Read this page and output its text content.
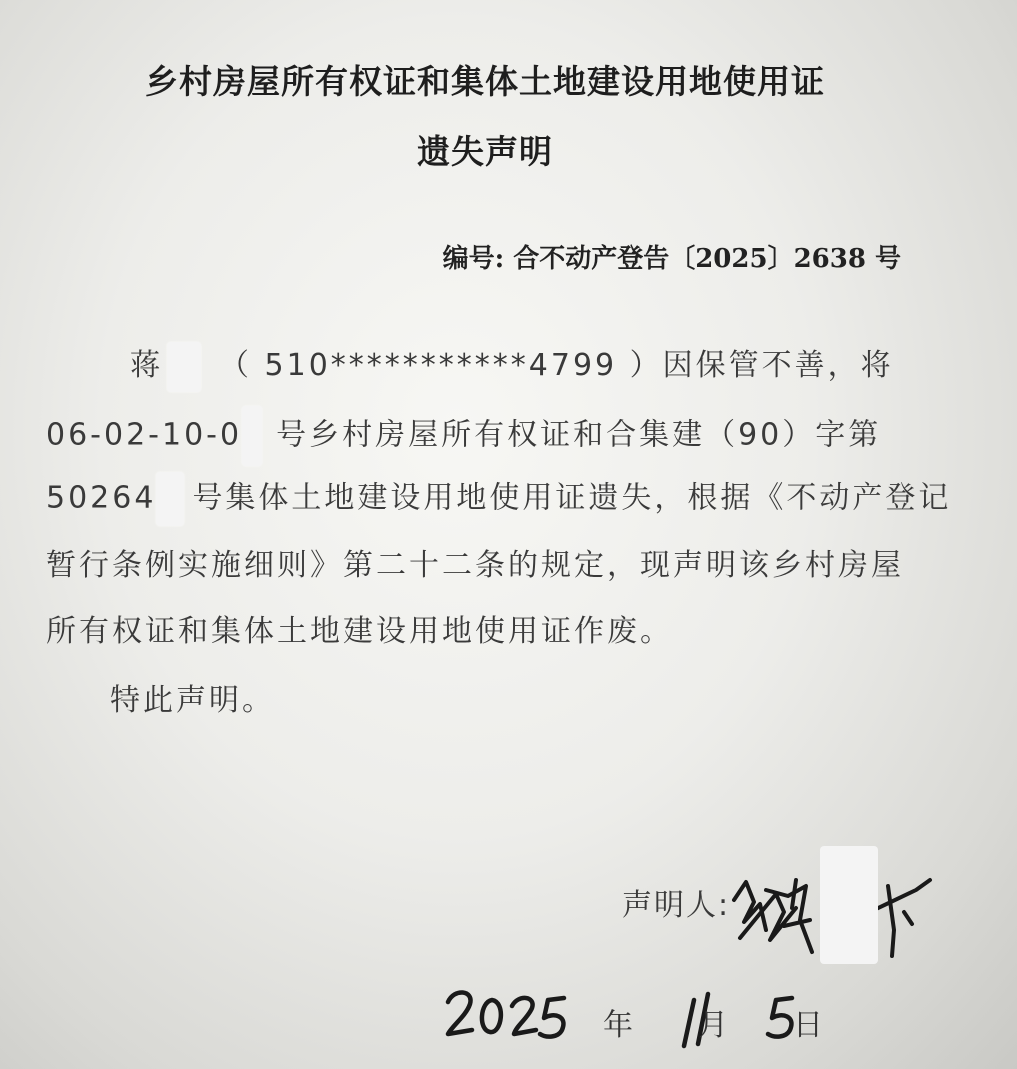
乡村房屋所有权证和集体土地建设用地使用证
遗失声明
编号: 合不动产登告〔2025〕2638 号
蒋 （ 510***********4799 ）因保管不善，将
06-02-10-0 号乡村房屋所有权证和合集建（90）字第
50264 号集体土地建设用地使用证遗失，根据《不动产登记
暂行条例实施细则》第二十二条的规定，现声明该乡村房屋
所有权证和集体土地建设用地使用证作废。
特此声明。
声明人:
年 月 日
